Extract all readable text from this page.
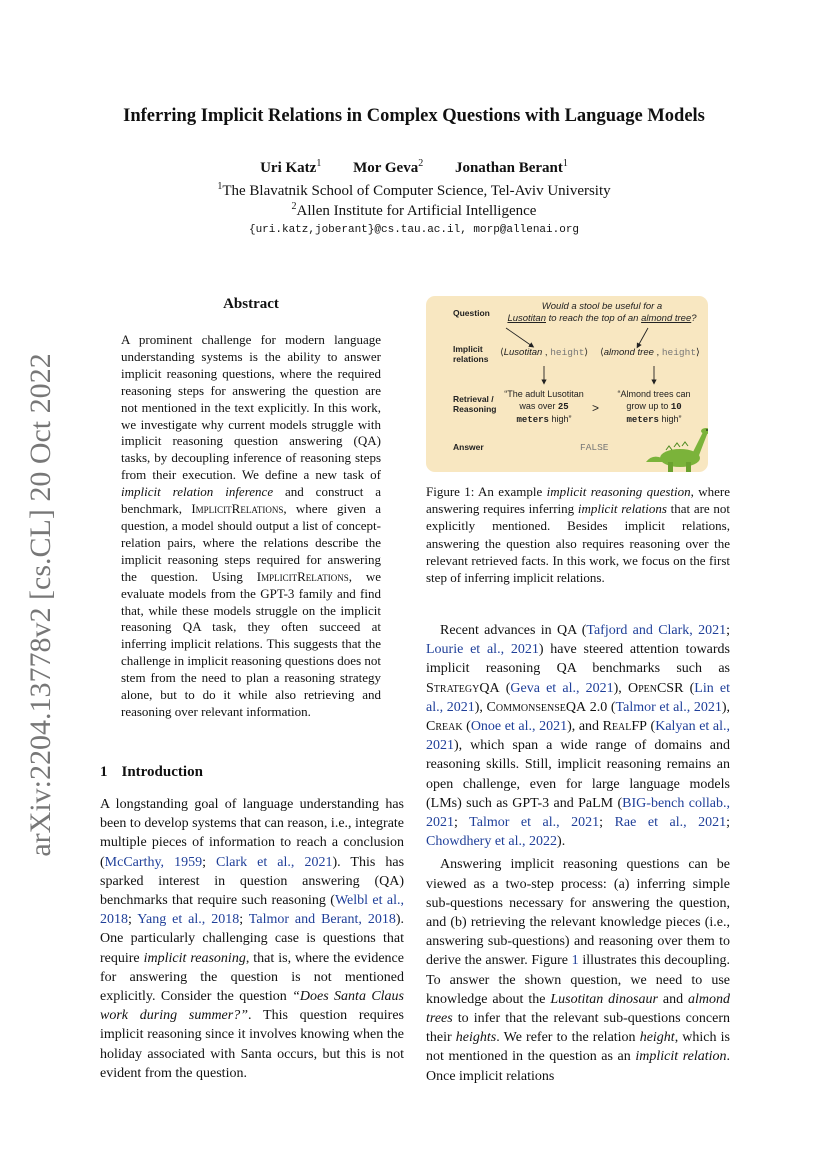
arXiv:2204.13778v2 [cs.CL] 20 Oct 2022
Inferring Implicit Relations in Complex Questions with Language Models
Uri Katz$^1$ Mor Geva$^2$ Jonathan Berant$^1$
$^1$The Blavatnik School of Computer Science, Tel-Aviv University
$^2$Allen Institute for Artificial Intelligence
{uri.katz,joberant}@cs.tau.ac.il, morp@allenai.org
Abstract

A prominent challenge for modern language understanding systems is the ability to answer implicit reasoning questions, where the required reasoning steps for answering the question are not mentioned in the text explicitly. In this work, we investigate why current models struggle with implicit reasoning question answering (QA) tasks, by decoupling inference of reasoning steps from their execution. We define a new task of implicit relation inference and construct a benchmark, ImplicitRelations, where given a question, a model should output a list of concept-relation pairs, where the relations describe the implicit reasoning steps required for answering the question. Using ImplicitRelations, we evaluate models from the GPT-3 family and find that, while these models struggle on the implicit reasoning QA task, they often succeed at inferring implicit relations. This suggests that the challenge in implicit reasoning questions does not stem from the need to plan a reasoning strategy alone, but to do it while also retrieving and reasoning over relevant information.

1 Introduction

A longstanding goal of language understanding has been to develop systems that can reason, i.e., integrate multiple pieces of information to reach a conclusion (McCarthy, 1959; Clark et al., 2021). This has sparked interest in question answering (QA) benchmarks that require such reasoning (Welbl et al., 2018; Yang et al., 2018; Talmor and Berant, 2018). One particularly challenging case is questions that require implicit reasoning, that is, where the evidence for answering the question is not mentioned explicitly. Consider the question “Does Santa Claus work during summer?”. This question requires implicit reasoning since it involves knowing when the holiday associated with Santa occurs, but this is not evident from the question.

Question
Implicit
relations
Retrieval /
Reasoning
Answer
Would a stool be useful for a
Lusotitan to reach the top of an almond tree?
⟨Lusotitan , height⟩ ⟨almond tree , height⟩
“The adult Lusotitan
was over 25
meters high”
>
“Almond trees can
grow up to 10
meters high”
FALSE
Figure 1: An example implicit reasoning question, where answering requires inferring implicit relations that are not explicitly mentioned. Besides implicit relations, answering the question also requires reasoning over the relevant retrieved facts. In this work, we focus on the first step of inferring implicit relations.

Recent advances in QA (Tafjord and Clark, 2021; Lourie et al., 2021) have steered attention towards implicit reasoning QA benchmarks such as StrategyQA (Geva et al., 2021), OpenCSR (Lin et al., 2021), CommonsenseQA 2.0 (Talmor et al., 2021), Creak (Onoe et al., 2021), and RealFP (Kalyan et al., 2021), which span a wide range of domains and reasoning skills. Still, implicit reasoning remains an open challenge, even for large language models (LMs) such as GPT-3 and PaLM (BIG-bench collab., 2021; Talmor et al., 2021; Rae et al., 2021; Chowdhery et al., 2022).

Answering implicit reasoning questions can be viewed as a two-step process: (a) inferring simple sub-questions necessary for answering the question, and (b) retrieving the relevant knowledge pieces (i.e., answering sub-questions) and reasoning over them to derive the answer. Figure 1 illustrates this decoupling. To answer the shown question, we need to use knowledge about the Lusotitan dinosaur and almond trees to infer that the relevant sub-questions concern their heights. We refer to the relation height, which is not mentioned in the question as an implicit relation. Once implicit relations
